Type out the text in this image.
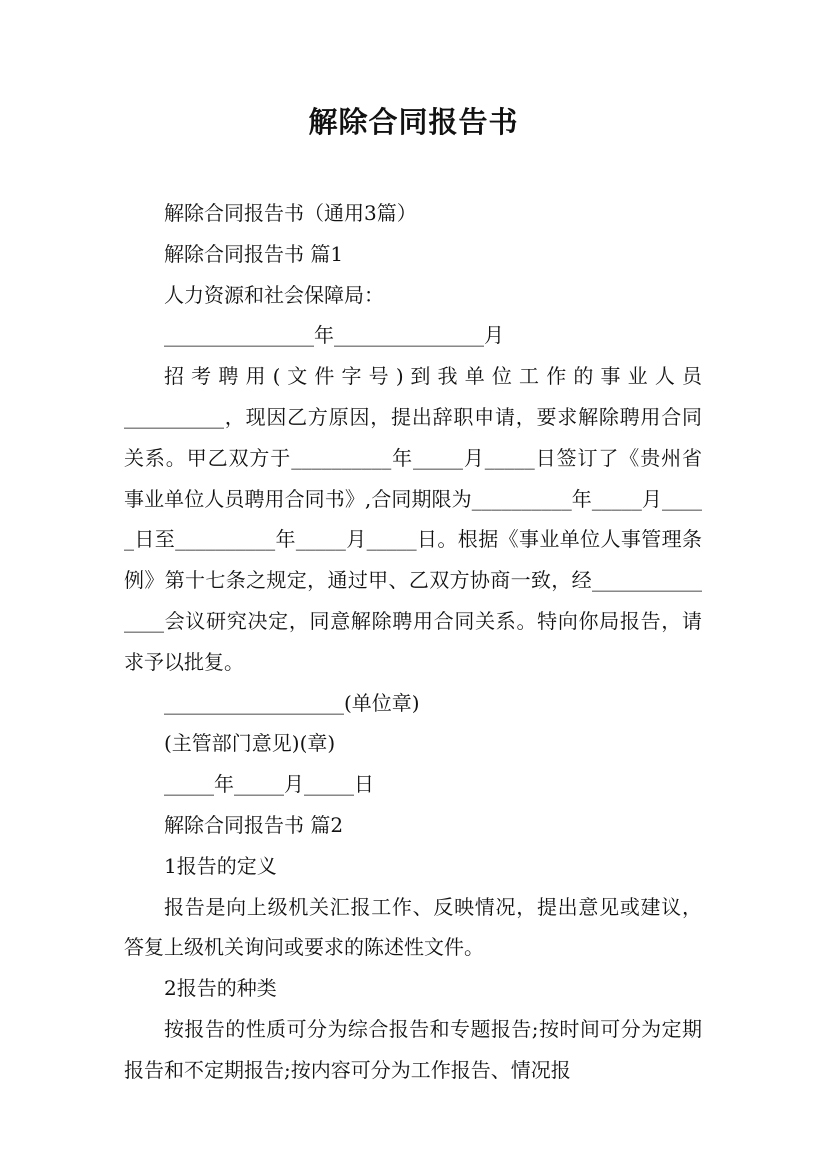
解除合同报告书

解除合同报告书（通用3篇）

解除合同报告书 篇1

人力资源和社会保障局：

_______________年_______________月

招 考 聘 用 ( 文 件 字 号 ) 到 我 单 位 工 作 的 事 业 人 员 __________，现因乙方原因，提出辞职申请，要求解除聘用合同关系。甲乙双方于__________年_____月_____日签订了《贵州省事业单位人员聘用合同书》,合同期限为__________年_____月_____日至__________年_____月_____日。根据《事业单位人事管理条例》第十七条之规定，通过甲、乙双方协商一致，经_______________会议研究决定，同意解除聘用合同关系。特向你局报告，请求予以批复。

__________________(单位章)

(主管部门意见)(章)

_____年_____月_____日

解除合同报告书 篇2

1报告的定义

报告是向上级机关汇报工作、反映情况，提出意见或建议，答复上级机关询问或要求的陈述性文件。

2报告的种类

按报告的性质可分为综合报告和专题报告;按时间可分为定期报告和不定期报告;按内容可分为工作报告、情况报
